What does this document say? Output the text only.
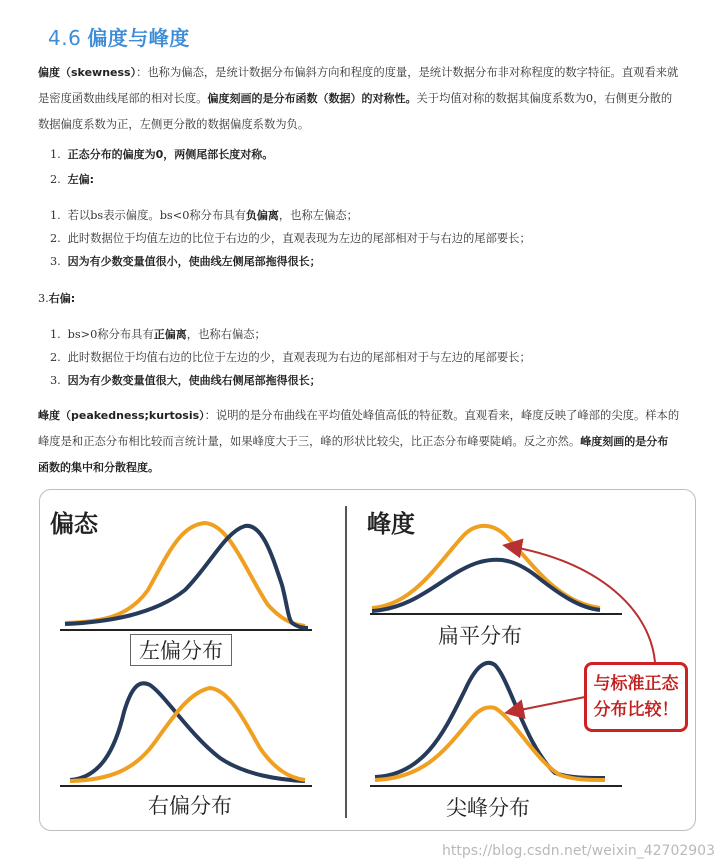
4.6 偏度与峰度
偏度（skewness）：也称为偏态，是统计数据分布偏斜方向和程度的度量，是统计数据分布非对称程度的数字特征。直观看来就
是密度函数曲线尾部的相对长度。偏度刻画的是分布函数（数据）的对称性。关于均值对称的数据其偏度系数为0，右侧更分散的
数据偏度系数为正，左侧更分散的数据偏度系数为负。
1. 正态分布的偏度为0，两侧尾部长度对称。
2. 左偏:
1. 若以bs表示偏度。bs<0称分布具有负偏离，也称左偏态；
2. 此时数据位于均值左边的比位于右边的少，直观表现为左边的尾部相对于与右边的尾部要长；
3. 因为有少数变量值很小，使曲线左侧尾部拖得很长；
3.右偏:
1. bs>0称分布具有正偏离，也称右偏态；
2. 此时数据位于均值右边的比位于左边的少，直观表现为右边的尾部相对于与左边的尾部要长；
3. 因为有少数变量值很大，使曲线右侧尾部拖得很长；
峰度（peakedness;kurtosis）：说明的是分布曲线在平均值处峰值高低的特征数。直观看来，峰度反映了峰部的尖度。样本的
峰度是和正态分布相比较而言统计量，如果峰度大于三，峰的形状比较尖，比正态分布峰要陡峭。反之亦然。峰度刻画的是分布
函数的集中和分散程度。
偏态	峰度
左偏分布
右偏分布
扁平分布
尖峰分布
与标准正态
分布比较！
https://blog.csdn.net/weixin_42702903
